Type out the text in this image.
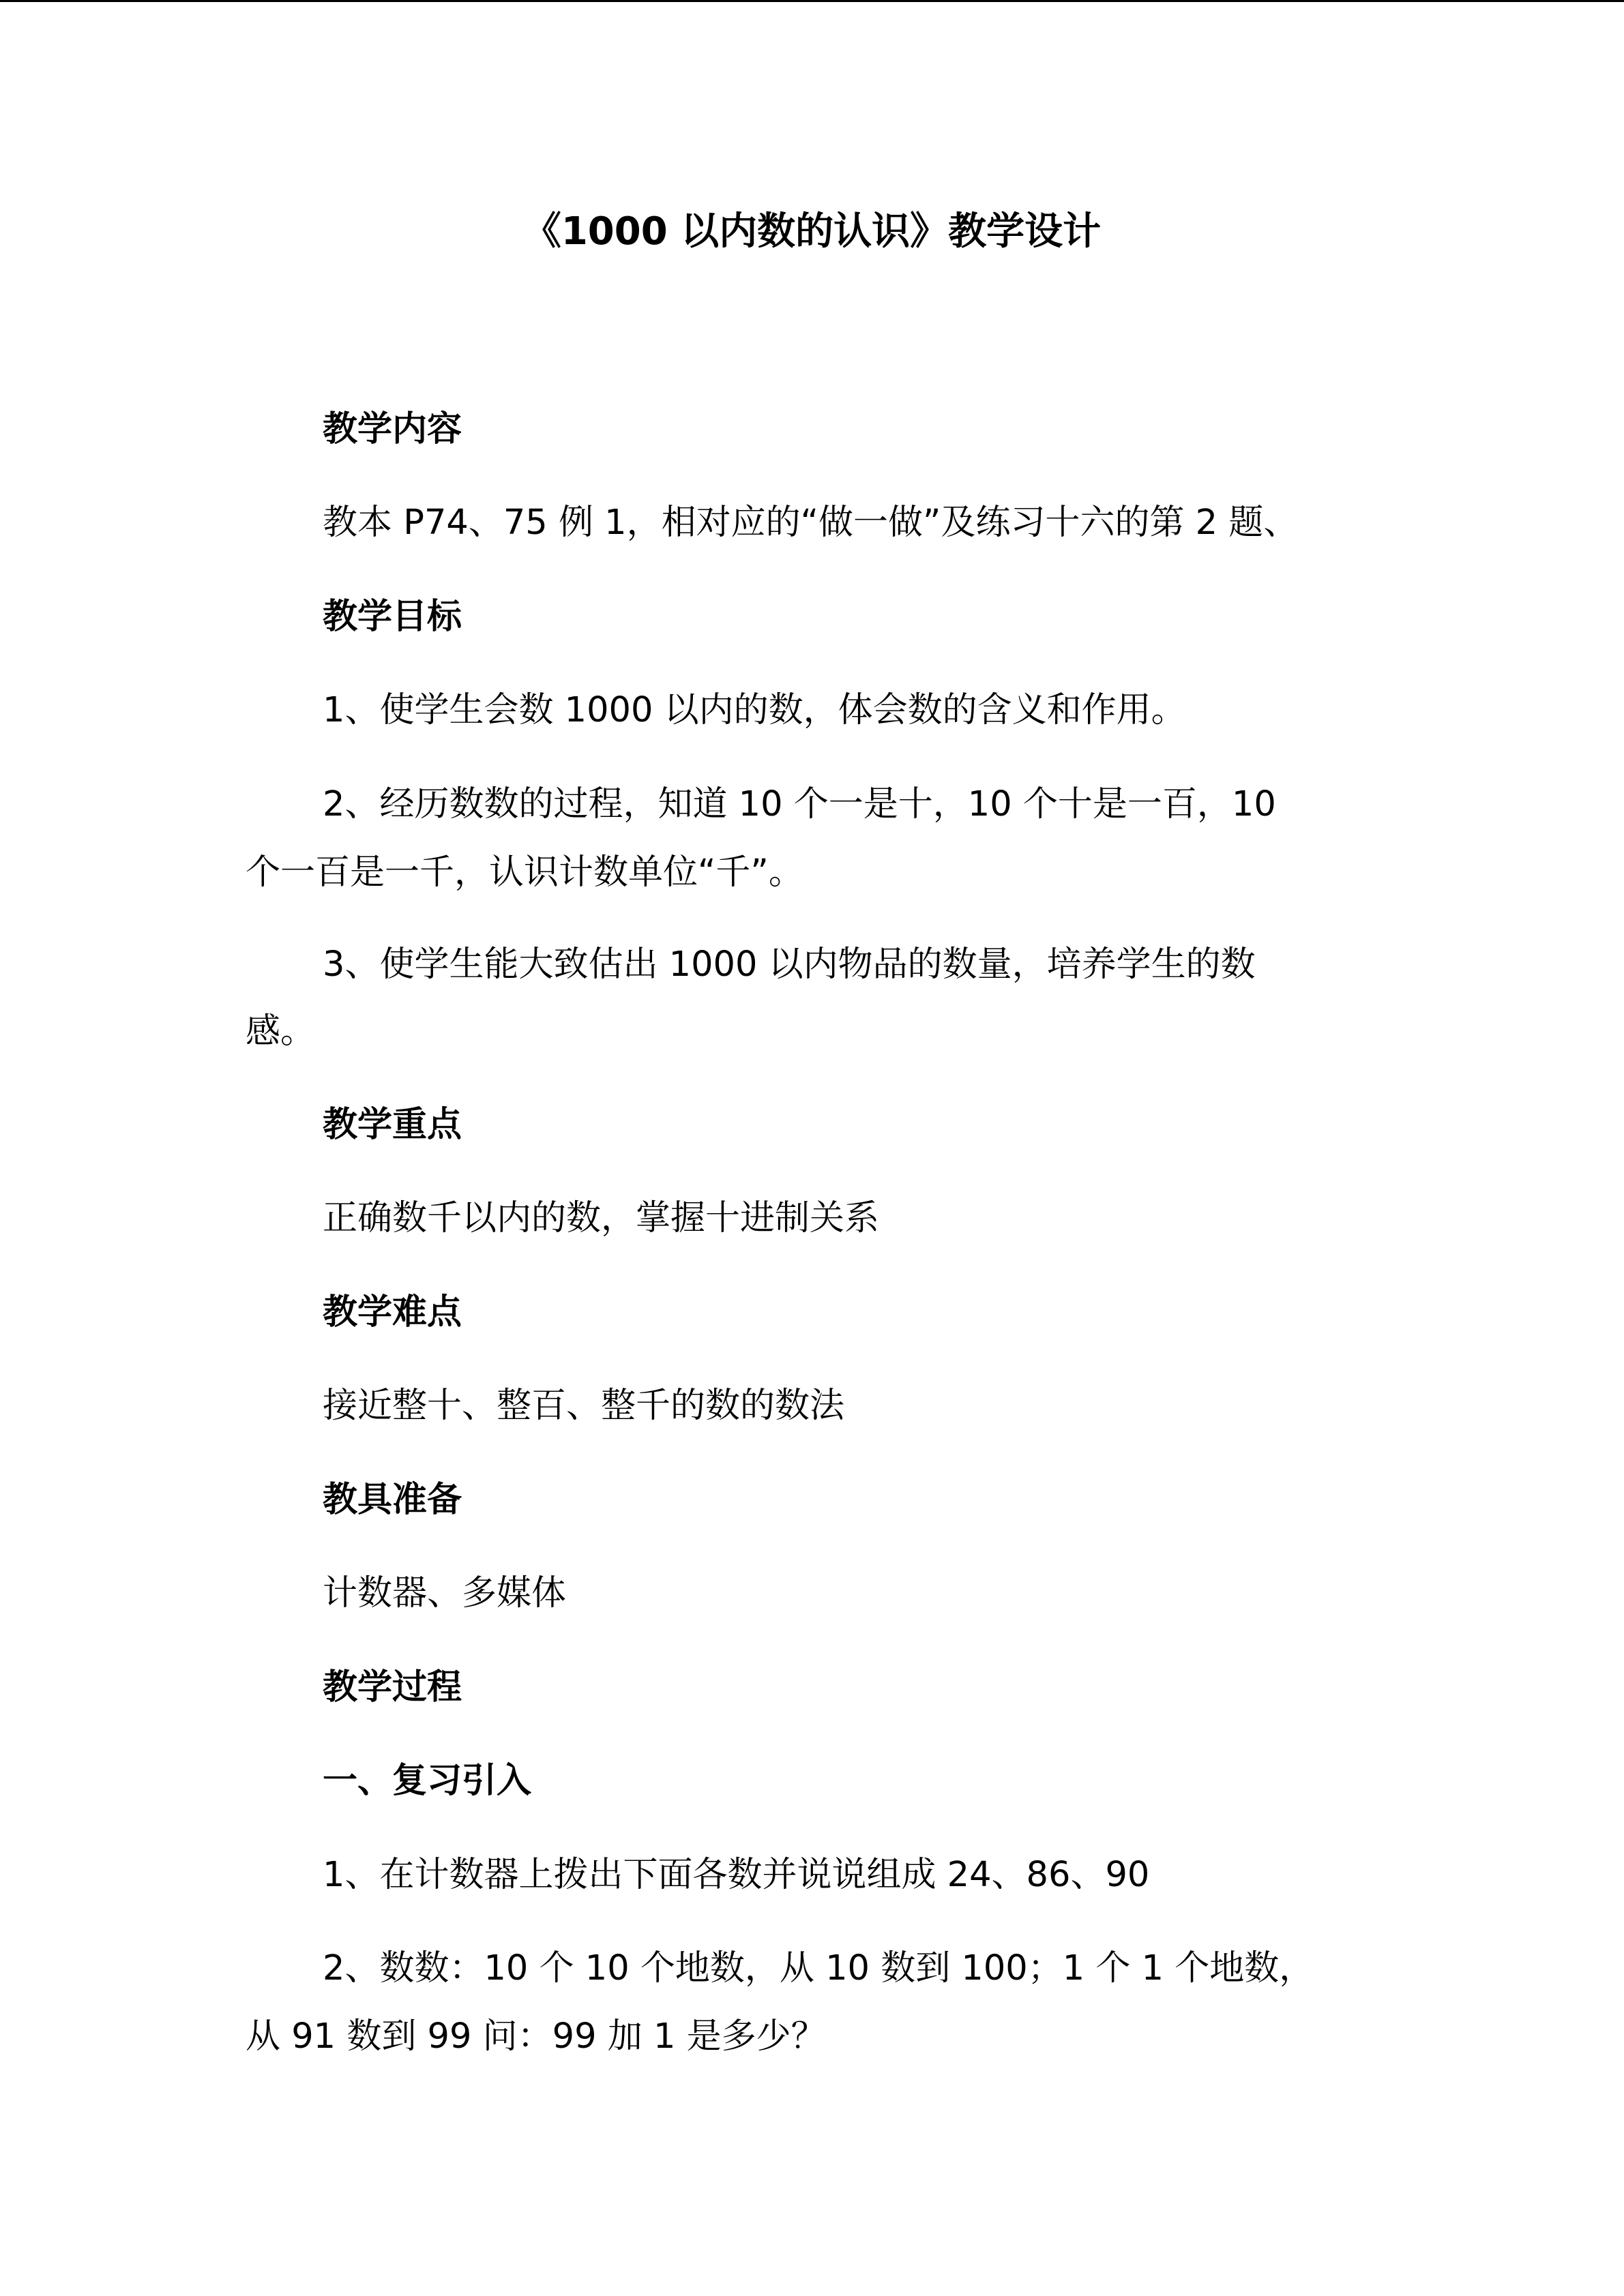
《1000 以内数的认识》教学设计
教学内容
教本 P74、75 例 1，相对应的“做一做”及练习十六的第 2 题、
教学目标
1、使学生会数 1000 以内的数，体会数的含义和作用。
2、经历数数的过程，知道 10 个一是十，10 个十是一百，10
个一百是一千，认识计数单位“千”。
3、使学生能大致估出 1000 以内物品的数量，培养学生的数
感。
教学重点
正确数千以内的数，掌握十进制关系
教学难点
接近整十、整百、整千的数的数法
教具准备
计数器、多媒体
教学过程
一、复习引入
1、在计数器上拨出下面各数并说说组成 24、86、90
2、数数：10 个 10 个地数，从 10 数到 100；1 个 1 个地数，
从 91 数到 99 问：99 加 1 是多少？
